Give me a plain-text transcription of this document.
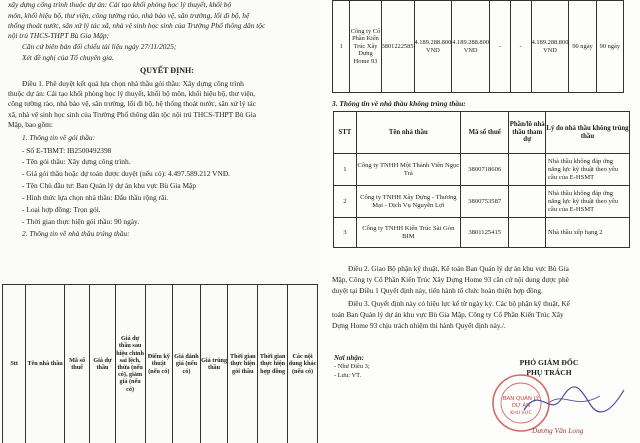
xây dựng công trình thuộc dự án: Cải tạo khối phòng học lý thuyết, khối bộ
môn, khối hiệu bộ, thư viện, công tường rào, nhà bảo vệ, sân trường, lối đi bộ, hệ
thống thoát nước, sân xử lý tác xã, nhà vệ sinh học sinh của Trường Phổ thông dân tộc
nội trú THCS-THPT Bù Gia Mập;
Căn cứ biên bản đối chiếu tài liệu ngày 27/11/2025;
Xét đề nghị của Tổ chuyên gia.
QUYẾT ĐỊNH:
Điều 1. Phê duyệt kết quả lựa chọn nhà thầu gói thầu: Xây dựng công trình
thuộc dự án: Cải tạo khối phòng học lý thuyết, khối bộ môn, khối hiệu bộ, thư viện,
công tường rào, nhà bảo vệ, sân trường, lối đi bộ, hệ thống thoát nước, sân xử lý tác
xã, nhà vệ sinh học sinh của Trường Phổ thông dân tộc nội trú THCS-THPT Bù Gia
Mập, bao gồm:
1. Thông tin về gói thầu:
- Số E-TBMT: IB2500492398
- Tên gói thầu: Xây dựng công trình.
- Giá gói thầu hoặc dự toán được duyệt (nếu có): 4.497.589.212 VNĐ.
- Tên Chủ đầu tư: Ban Quản lý dự án khu vực Bù Gia Mập
- Hình thức lựa chọn nhà thầu: Đấu thầu rộng rãi.
- Loại hợp đồng: Trọn gói.
- Thời gian thực hiện gói thầu: 90 ngày.
2. Thông tin về nhà thầu trúng thầu:
Stt	Tên nhà thầu	Mã số thuế	Giá dự thầu	Giá dự thầu sau hiệu chỉnh sai lệch, thừa (nếu có), giảm giá (nếu có)	Điểm kỹ thuật (nếu có)	Giá đánh giá (nếu có)	Giá trúng thầu	Thời gian thực hiện gói thầu	Thời gian thực hiện hợp đồng	Các nội dung khác (nếu có)
1	Công ty Cổ Phần Kiến Trúc Xây Dựng Home 93	3801222585	4.189.288.800 VND	4.189.288.800 VND	-	-	4.189.288.800 VND	90 ngày	90 ngày
3. Thông tin về nhà thầu không trúng thầu:
STT	Tên nhà thầu	Mã số thuế	Phần/lô nhà thầu tham dự	Lý do nhà thầu không trúng thầu
1	Công ty TNHH Một Thành Viên Ngọc Trà	3800718606		Nhà thầu không đáp ứng năng lực kỹ thuật theo yêu cầu của E-HSMT
2	Công ty TNHH Xây Dựng - Thương Mại - Dịch Vụ Nguyễn Lợi	3800753587		Nhà thầu không đáp ứng năng lực kỹ thuật theo yêu cầu của E-HSMT
3	Công ty TNHH Kiến Trúc Sài Gòn BIM	3801125415		Nhà thầu xếp hạng 2
Điều 2. Giao Bộ phận kỹ thuật, Kế toán Ban Quản lý dự án khu vực Bù Gia
Mập, Công ty Cổ Phần Kiến Trúc Xây Dựng Home 93 căn cứ nội dung được phê
duyệt tại Điều 1 Quyết định này, tiến hành tổ chức hoàn thiện hợp đồng.
Điều 3. Quyết định này có hiệu lực kể từ ngày ký. Các bộ phận kỹ thuật, Kế
toán Ban Quản lý dự án khu vực Bù Gia Mập, Công ty Cổ Phần Kiến Trúc Xây
Dựng Home 93 chịu trách nhiệm thi hành Quyết định này./.
Nơi nhận:
- Như Điều 3;
- Lưu: VT.
PHÓ GIÁM ĐỐC
PHỤ TRÁCH
BAN QUẢN LÝ
DỰ ÁN
KHU VỰC
Dương Văn Long
